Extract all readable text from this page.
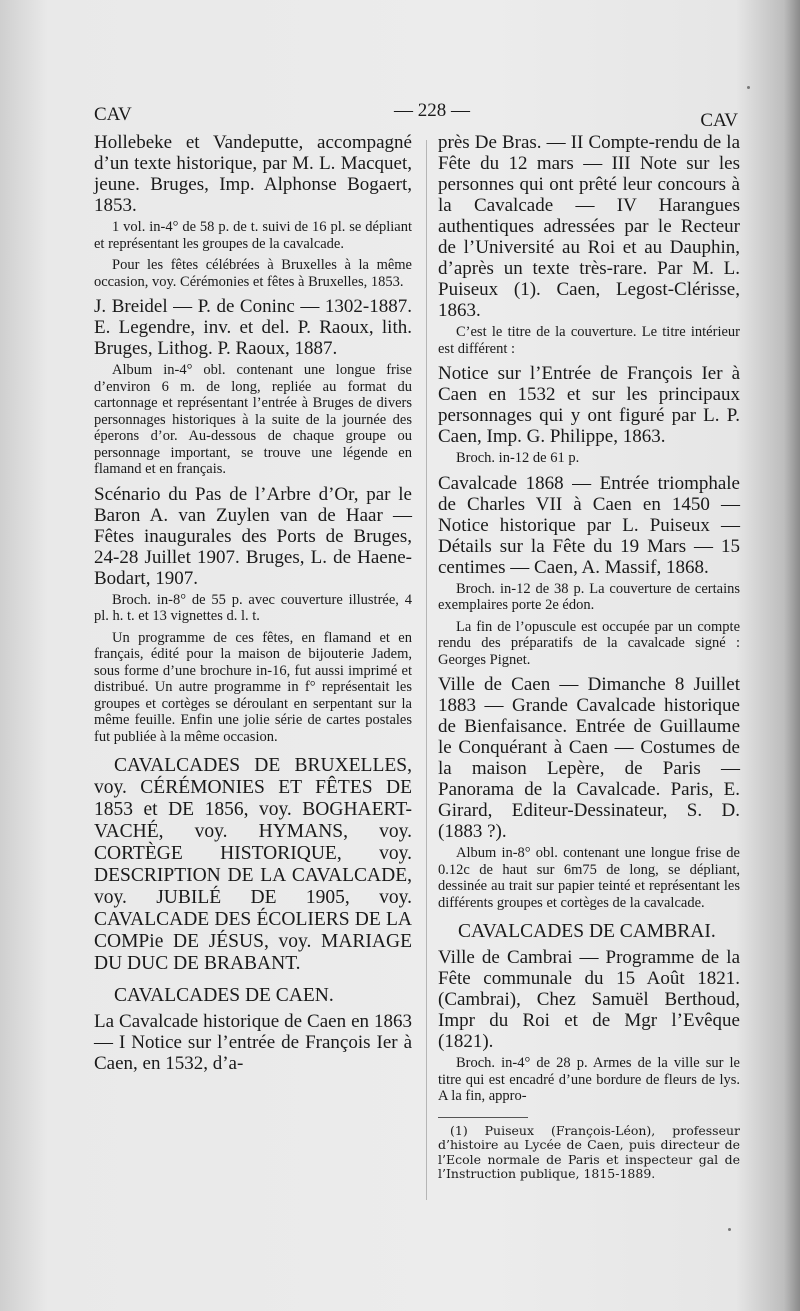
CAV	— 228 —	CAV

Hollebeke et Vandeputte, accompagné d’un texte historique, par M. L. Macquet, jeune. Bruges, Imp. Alphonse Bogaert, 1853.

1 vol. in-4° de 58 p. de t. suivi de 16 pl. se dépliant et représentant les groupes de la cavalcade.

Pour les fêtes célébrées à Bruxelles à la même occasion, voy. Cérémonies et fêtes à Bruxelles, 1853.

J. Breidel — P. de Coninc — 1302-1887. E. Legendre, inv. et del. P. Raoux, lith. Bruges, Lithog. P. Raoux, 1887.

Album in-4° obl. contenant une longue frise d’environ 6 m. de long, repliée au format du cartonnage et représentant l’entrée à Bruges de divers personnages historiques à la suite de la journée des éperons d’or. Au-dessous de chaque groupe ou personnage important, se trouve une légende en flamand et en français.

Scénario du Pas de l’Arbre d’Or, par le Baron A. van Zuylen van de Haar — Fêtes inaugurales des Ports de Bruges, 24-28 Juillet 1907. Bruges, L. de Haene-Bodart, 1907.

Broch. in-8° de 55 p. avec couverture illustrée, 4 pl. h. t. et 13 vignettes d. l. t.

Un programme de ces fêtes, en flamand et en français, édité pour la maison de bijouterie Jadem, sous forme d’une brochure in-16, fut aussi imprimé et distribué. Un autre programme in f° représentait les groupes et cortèges se déroulant en serpentant sur la même feuille. Enfin une jolie série de cartes postales fut publiée à la même occasion.

CAVALCADES DE BRUXELLES, voy. CÉRÉMONIES ET FÊTES DE 1853 et DE 1856, voy. BOGHAERT-VACHÉ, voy. HYMANS, voy. CORTÈGE HISTORIQUE, voy. DESCRIPTION DE LA CAVALCADE, voy. JUBILÉ DE 1905, voy. CAVALCADE DES ÉCOLIERS DE LA COMPie DE JÉSUS, voy. MARIAGE DU DUC DE BRABANT.

CAVALCADES DE CAEN.

La Cavalcade historique de Caen en 1863 — I Notice sur l’entrée de François Ier à Caen, en 1532, d’a-

près De Bras. — II Compte-rendu de la Fête du 12 mars — III Note sur les personnes qui ont prêté leur concours à la Cavalcade — IV Harangues authentiques adressées par le Recteur de l’Université au Roi et au Dauphin, d’après un texte très-rare. Par M. L. Puiseux (1). Caen, Legost-Clérisse, 1863.

C’est le titre de la couverture. Le titre intérieur est différent :

Notice sur l’Entrée de François Ier à Caen en 1532 et sur les principaux personnages qui y ont figuré par L. P. Caen, Imp. G. Philippe, 1863.

Broch. in-12 de 61 p.

Cavalcade 1868 — Entrée triomphale de Charles VII à Caen en 1450 — Notice historique par L. Puiseux — Détails sur la Fête du 19 Mars — 15 centimes — Caen, A. Massif, 1868.

Broch. in-12 de 38 p. La couverture de certains exemplaires porte 2e édon.

La fin de l’opuscule est occupée par un compte rendu des préparatifs de la cavalcade signé : Georges Pignet.

Ville de Caen — Dimanche 8 Juillet 1883 — Grande Cavalcade historique de Bienfaisance. Entrée de Guillaume le Conquérant à Caen — Costumes de la maison Lepère, de Paris — Panorama de la Cavalcade. Paris, E. Girard, Editeur-Dessinateur, S. D. (1883 ?).

Album in-8° obl. contenant une longue frise de 0.12c de haut sur 6m75 de long, se dépliant, dessinée au trait sur papier teinté et représentant les différents groupes et cortèges de la cavalcade.

CAVALCADES DE CAMBRAI.

Ville de Cambrai — Programme de la Fête communale du 15 Août 1821. (Cambrai), Chez Samuël Berthoud, Impr du Roi et de Mgr l’Evêque (1821).

Broch. in-4° de 28 p. Armes de la ville sur le titre qui est encadré d’une bordure de fleurs de lys. A la fin, appro-

(1) Puiseux (François-Léon), professeur d’histoire au Lycée de Caen, puis directeur de l’Ecole normale de Paris et inspecteur gal de l’Instruction publique, 1815-1889.
